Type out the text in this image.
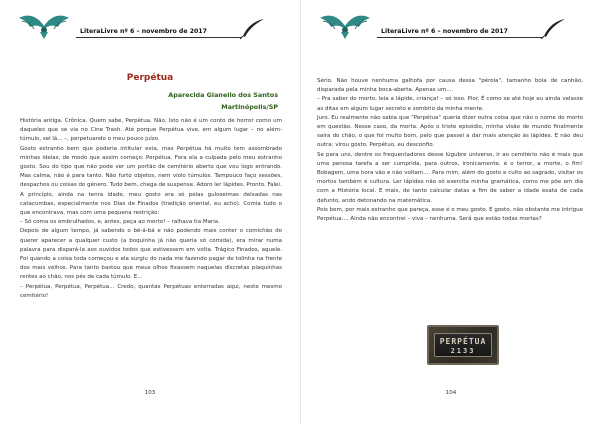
LiteraLivre nº 6 – novembro de 2017
Perpétua
Aparecida Gianello dos Santos
Martinópolis/SP

História antiga. Crônica. Quem sabe, Perpétua. Não. Isto não é um conto de horror como um daqueles que se via no Cine Trash. Até porque Perpétua vive, em algum lugar – no além-túmulo, sei lá... –, perpetuando o meu pouco juízo.

Gosto estranho bem que poderia intitular esta, mas Perpétua há muito tem assombrado minhas ideias, de modo que assim começo: Perpétua. Fora ela a culpada pelo meu estranho gosto. Sou do tipo que não pode ver um portão de cemitério aberto que vou logo entrando. Mas calma, não é para tanto. Não furto objetos, nem violo túmulos. Tampouco faço sessões, despachos ou coisas do gênero. Tudo bem, chega de suspense. Adoro ler lápides. Pronto. Falei.

A princípio, ainda na tenra idade, meu gosto era só pelas guloseimas deixadas nas catacumbas, especialmente nos Dias de Finados (tradição oriental, eu acho). Comia tudo o que encontrava, mas com uma pequena restrição:

– Só coma os embrulhados, e, antes, peça ao morto! – ralhava tia Maria.

Depois de algum tempo, já sabendo o bê-á-bá e não podendo mais conter o comichão do querer aparecer a qualquer custo (a boquinha já não queria só comida), era mirar numa palavra para dispará-la aos ouvidos todos que estivessem em volta. Trágico Finados, aquele. Foi quando a coisa toda começou e ela surgiu do nada me fazendo pagar de tolinha na frente dos mais velhos. Para tanto bastou que meus olhos fixassem naquelas discretas plaquinhas rentes ao chão, nos pés de cada túmulo. E...

– Perpétua, Perpétua, Perpétua... Credo, quantas Perpétuas enterradas aqui, neste mesmo cemitério!

103
LiteraLivre nº 6 – novembro de 2017

Sério. Não houve nenhuma galhofa por causa dessa "pérola", tamanho bola de canhão, disparada pela minha boca-aberta. Apenas um....

– Pra saber do morto, leia a lápide, criança! – só isso. Pior. É como se até hoje eu ainda velasse as ditas em algum lugar secreto e sombrio da minha mente.

Juro. Eu realmente não sabia que "Perpétua" queria dizer outra coisa que não o nome do morto em questão. Nesse caso, da morta. Após o triste episódio, minha visão de mundo finalmente saíra do chão, o que foi muito bom, pelo que passei a dar mais atenção às lápides. E não deu outra: virou gosto. Perpétuo, eu desconfio.

Se para uns, dentre os frequentadores desse lúgubre universo, ir ao cemitério não é mais que uma penosa tarefa a ser cumprida, para outros, ironicamente, é o terror, a morte, o fim! Bobagem, uma hora vão e não voltam.... Para mim, além do gosto e culto ao sagrado, visitar os mortos também é cultura. Ler lápides não só exercita minha gramática, como me põe em dia com a História local. E mais, de tanto calcular datas a fim de saber a idade exata de cada defunto, ando detonando na matemática.

Pois bem, por mais estranho que pareça, esse é o meu gosto. E gosto, não obstante me intrigue Perpétua.... Ainda não encontrei – viva – nenhuma. Será que estão todas mortas?

PERPÉTUA
2133
104
